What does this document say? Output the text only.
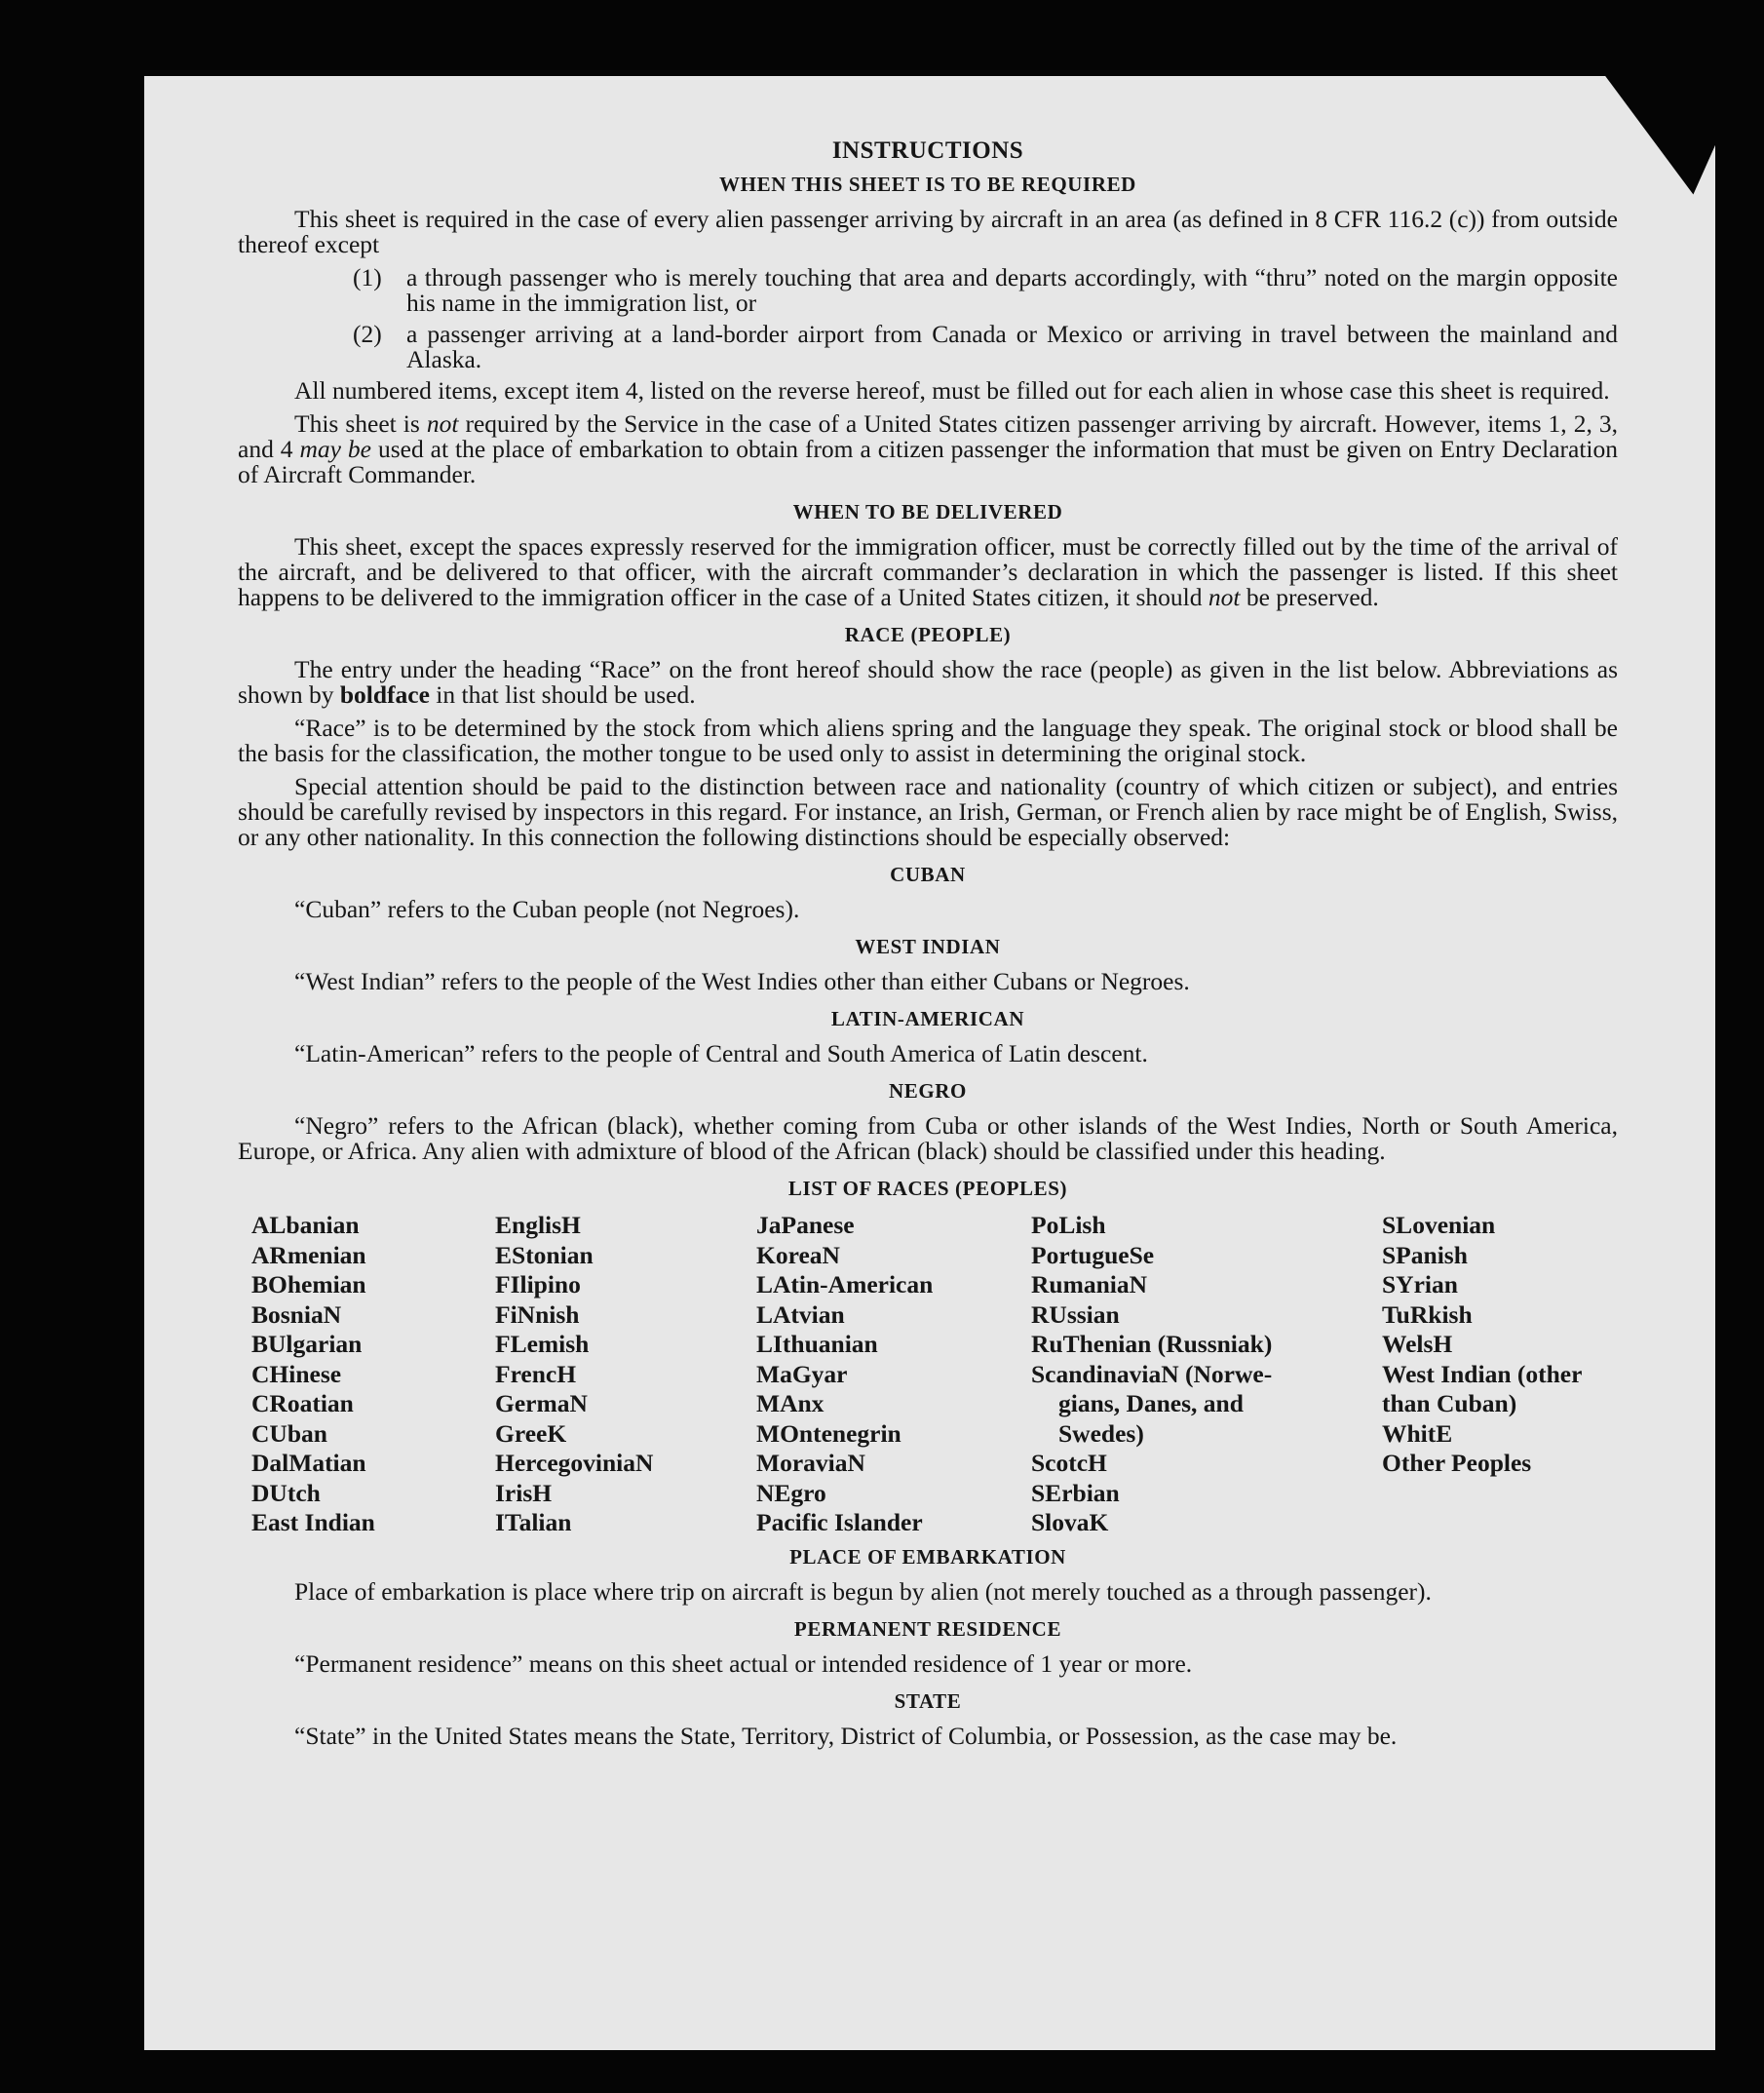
INSTRUCTIONS
WHEN THIS SHEET IS TO BE REQUIRED
This sheet is required in the case of every alien passenger arriving by aircraft in an area (as defined in 8 CFR 116.2 (c)) from outside thereof except
(1) a through passenger who is merely touching that area and departs accordingly, with “thru” noted on the margin opposite his name in the immigration list, or
(2) a passenger arriving at a land-border airport from Canada or Mexico or arriving in travel between the mainland and Alaska.
All numbered items, except item 4, listed on the reverse hereof, must be filled out for each alien in whose case this sheet is required.
This sheet is not required by the Service in the case of a United States citizen passenger arriving by aircraft. However, items 1, 2, 3, and 4 may be used at the place of embarkation to obtain from a citizen passenger the information that must be given on Entry Declaration of Aircraft Commander.
WHEN TO BE DELIVERED
This sheet, except the spaces expressly reserved for the immigration officer, must be correctly filled out by the time of the arrival of the aircraft, and be delivered to that officer, with the aircraft commander’s declaration in which the passenger is listed. If this sheet happens to be delivered to the immigration officer in the case of a United States citizen, it should not be preserved.
RACE (PEOPLE)
The entry under the heading “Race” on the front hereof should show the race (people) as given in the list below. Abbreviations as shown by boldface in that list should be used.
“Race” is to be determined by the stock from which aliens spring and the language they speak. The original stock or blood shall be the basis for the classification, the mother tongue to be used only to assist in determining the original stock.
Special attention should be paid to the distinction between race and nationality (country of which citizen or subject), and entries should be carefully revised by inspectors in this regard. For instance, an Irish, German, or French alien by race might be of English, Swiss, or any other nationality. In this connection the following distinctions should be especially observed:
CUBAN
“Cuban” refers to the Cuban people (not Negroes).
WEST INDIAN
“West Indian” refers to the people of the West Indies other than either Cubans or Negroes.
LATIN-AMERICAN
“Latin-American” refers to the people of Central and South America of Latin descent.
NEGRO
“Negro” refers to the African (black), whether coming from Cuba or other islands of the West Indies, North or South America, Europe, or Africa. Any alien with admixture of blood of the African (black) should be classified under this heading.
LIST OF RACES (PEOPLES)
ALbanian
ARmenian
BOhemian
BosniaN
BUlgarian
CHinese
CRoatian
CUban
DalMatian
DUtch
East Indian
EnglisH
EStonian
FIlipino
FiNnish
FLemish
FrencH
GermaN
GreeK
HercegovinіaN
IrisH
ITalian
JaPanese
KoreaN
LAtin-American
LAtvian
LIthuanian
MaGyar
MAnx
MOntenegrin
MoraviaN
NEgro
Pacific Islander
PoLish
PortugueSe
RumaniaN
RUssian
RuThenian (Russniak)
ScandinaviaN (Norwe-
gians, Danes, and
Swedes)
ScotcH
SErbian
SlovaK
SLovenian
SPanish
SYrian
TuRkish
WelsH
West Indian (other
than Cuban)
WhitE
Other Peoples
PLACE OF EMBARKATION
Place of embarkation is place where trip on aircraft is begun by alien (not merely touched as a through passenger).
PERMANENT RESIDENCE
“Permanent residence” means on this sheet actual or intended residence of 1 year or more.
STATE
“State” in the United States means the State, Territory, District of Columbia, or Possession, as the case may be.
